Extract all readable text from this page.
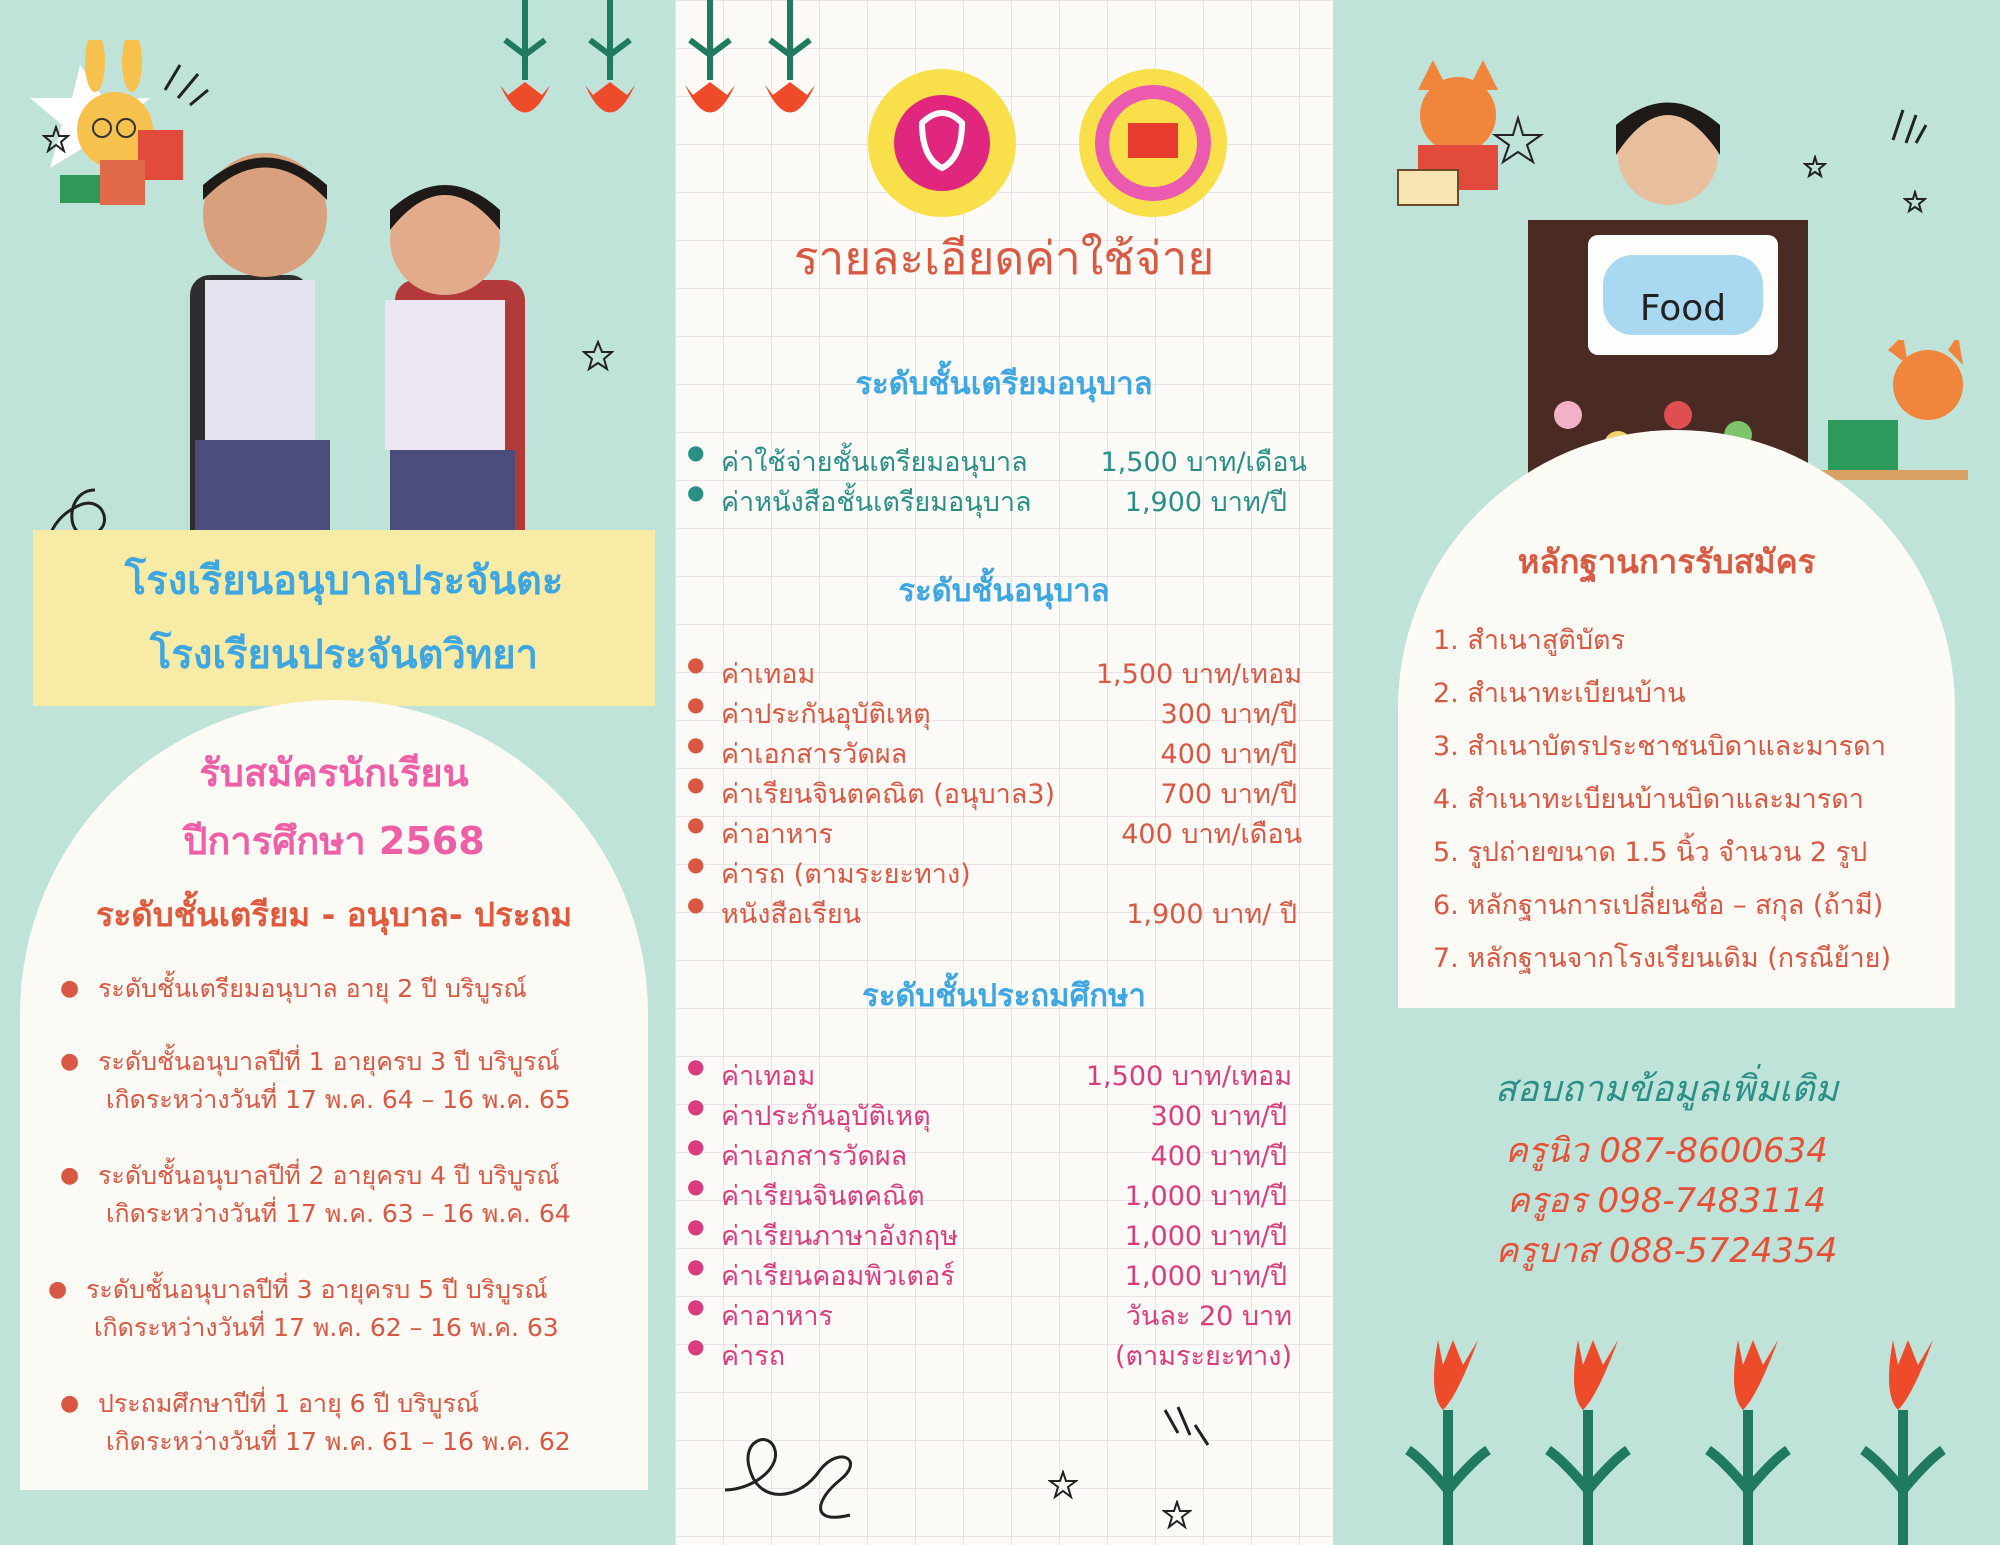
โรงเรียนอนุบาลประจันตะ
โรงเรียนประจันตวิทยา
รับสมัครนักเรียน
ปีการศึกษา 2568
ระดับชั้นเตรียม - อนุบาล- ประถม
● ระดับชั้นเตรียมอนุบาล อายุ 2 ปี บริบูรณ์
● ระดับชั้นอนุบาลปีที่ 1 อายุครบ 3 ปี บริบูรณ์
เกิดระหว่างวันที่ 17 พ.ค. 64 – 16 พ.ค. 65
● ระดับชั้นอนุบาลปีที่ 2 อายุครบ 4 ปี บริบูรณ์
เกิดระหว่างวันที่ 17 พ.ค. 63 – 16 พ.ค. 64
● ระดับชั้นอนุบาลปีที่ 3 อายุครบ 5 ปี บริบูรณ์
เกิดระหว่างวันที่ 17 พ.ค. 62 – 16 พ.ค. 63
● ประถมศึกษาปีที่ 1 อายุ 6 ปี บริบูรณ์
เกิดระหว่างวันที่ 17 พ.ค. 61 – 16 พ.ค. 62
รายละเอียดค่าใช้จ่าย
ระดับชั้นเตรียมอนุบาล
● ค่าใช้จ่ายชั้นเตรียมอนุบาล	1,500 บาท/เดือน
● ค่าหนังสือชั้นเตรียมอนุบาล	1,900 บาท/ปี
ระดับชั้นอนุบาล
● ค่าเทอม	1,500 บาท/เทอม
● ค่าประกันอุบัติเหตุ	300 บาท/ปี
● ค่าเอกสารวัดผล	400 บาท/ปี
● ค่าเรียนจินตคณิต (อนุบาล3)	700 บาท/ปี
● ค่าอาหาร	400 บาท/เดือน
● ค่ารถ (ตามระยะทาง)
● หนังสือเรียน	1,900 บาท/ ปี
ระดับชั้นประถมศึกษา
● ค่าเทอม	1,500 บาท/เทอม
● ค่าประกันอุบัติเหตุ	300 บาท/ปี
● ค่าเอกสารวัดผล	400 บาท/ปี
● ค่าเรียนจินตคณิต	1,000 บาท/ปี
● ค่าเรียนภาษาอังกฤษ	1,000 บาท/ปี
● ค่าเรียนคอมพิวเตอร์	1,000 บาท/ปี
● ค่าอาหาร	วันละ 20 บาท
● ค่ารถ	(ตามระยะทาง)
Food
หลักฐานการรับสมัคร
1. สำเนาสูติบัตร
2. สำเนาทะเบียนบ้าน
3. สำเนาบัตรประชาชนบิดาและมารดา
4. สำเนาทะเบียนบ้านบิดาและมารดา
5. รูปถ่ายขนาด 1.5 นิ้ว จำนวน 2 รูป
6. หลักฐานการเปลี่ยนชื่อ – สกุล (ถ้ามี)
7. หลักฐานจากโรงเรียนเดิม (กรณีย้าย)
สอบถามข้อมูลเพิ่มเติม
ครูนิว 087-8600634
ครูอร 098-7483114
ครูบาส 088-5724354
